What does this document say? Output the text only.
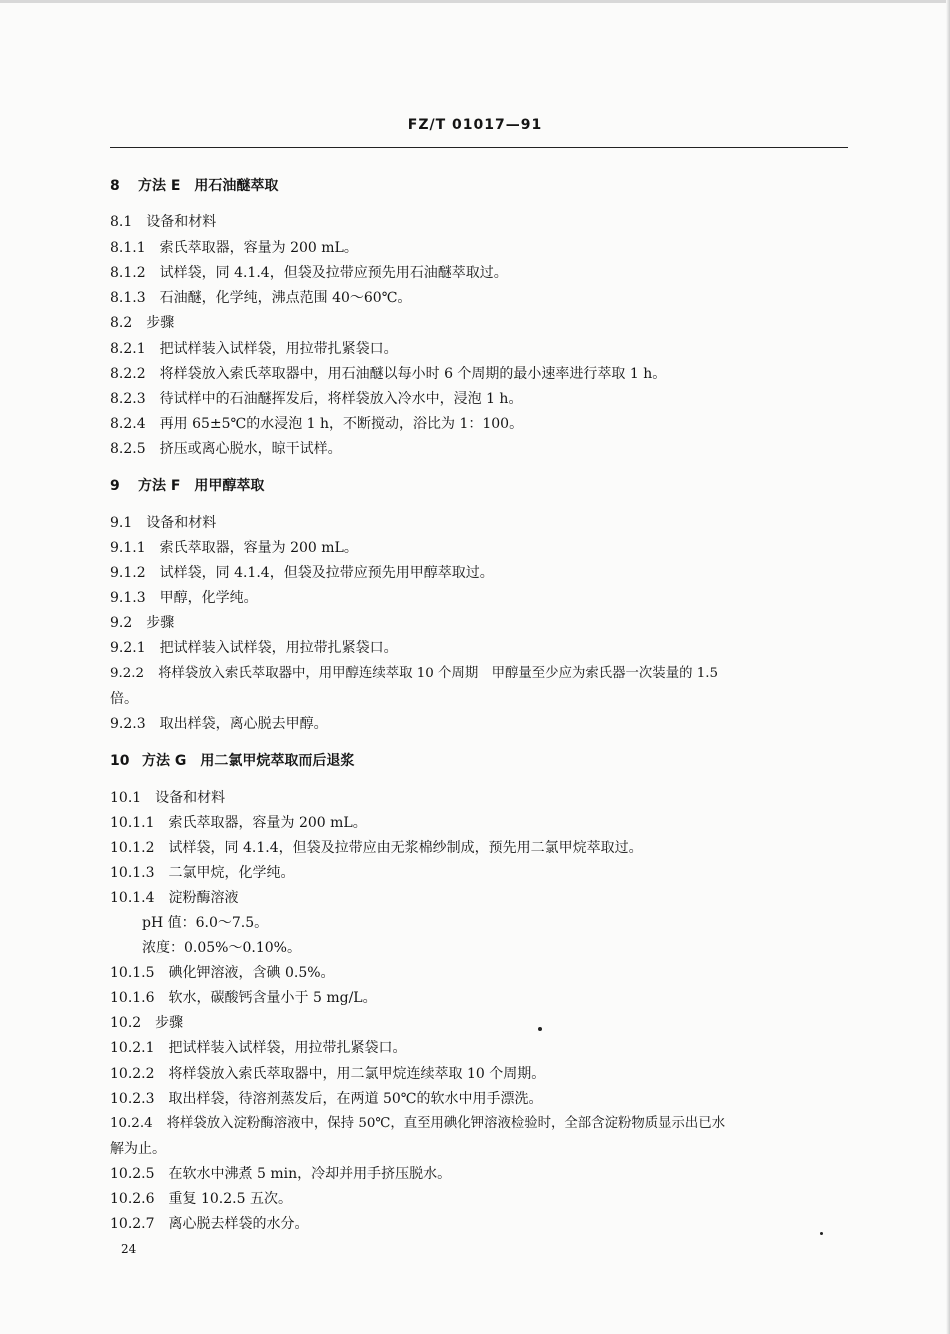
FZ/T 01017—91
8 方法 E　用石油醚萃取
8.1 设备和材料
8.1.1 索氏萃取器，容量为 200 mL。
8.1.2 试样袋，同 4.1.4，但袋及拉带应预先用石油醚萃取过。
8.1.3 石油醚，化学纯，沸点范围 40～60℃。
8.2 步骤
8.2.1 把试样装入试样袋，用拉带扎紧袋口。
8.2.2 将样袋放入索氏萃取器中，用石油醚以每小时 6 个周期的最小速率进行萃取 1 h。
8.2.3 待试样中的石油醚挥发后，将样袋放入冷水中，浸泡 1 h。
8.2.4 再用 65±5℃的水浸泡 1 h，不断搅动，浴比为 1：100。
8.2.5 挤压或离心脱水，晾干试样。
9 方法 F　用甲醇萃取
9.1 设备和材料
9.1.1 索氏萃取器，容量为 200 mL。
9.1.2 试样袋，同 4.1.4，但袋及拉带应预先用甲醇萃取过。
9.1.3 甲醇，化学纯。
9.2 步骤
9.2.1 把试样装入试样袋，用拉带扎紧袋口。
9.2.2 将样袋放入索氏萃取器中，用甲醇连续萃取 10 个周期　甲醇量至少应为索氏器一次装量的 1.5
倍。
9.2.3 取出样袋，离心脱去甲醇。
10 方法 G　用二氯甲烷萃取而后退浆
10.1 设备和材料
10.1.1 索氏萃取器，容量为 200 mL。
10.1.2 试样袋，同 4.1.4，但袋及拉带应由无浆棉纱制成，预先用二氯甲烷萃取过。
10.1.3 二氯甲烷，化学纯。
10.1.4 淀粉酶溶液
pH 值：6.0～7.5。
浓度：0.05%～0.10%。
10.1.5 碘化钾溶液，含碘 0.5%。
10.1.6 软水，碳酸钙含量小于 5 mg/L。
10.2 步骤
10.2.1 把试样装入试样袋，用拉带扎紧袋口。
10.2.2 将样袋放入索氏萃取器中，用二氯甲烷连续萃取 10 个周期。
10.2.3 取出样袋，待溶剂蒸发后，在两道 50℃的软水中用手漂洗。
10.2.4 将样袋放入淀粉酶溶液中，保持 50℃，直至用碘化钾溶液检验时，全部含淀粉物质显示出已水
解为止。
10.2.5 在软水中沸煮 5 min，冷却并用手挤压脱水。
10.2.6 重复 10.2.5 五次。
10.2.7 离心脱去样袋的水分。
24
